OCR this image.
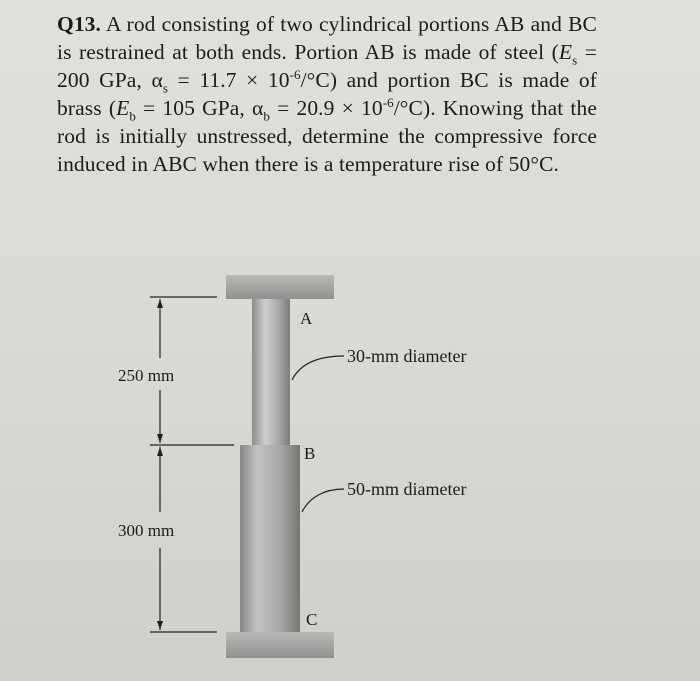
Q13. A rod consisting of two cylindrical portions AB and BC is restrained at both ends. Portion AB is made of steel ($E_s = 200$ GPa, $\alpha_s = 11.7 \times 10^{-6}/^\circ C$) and portion BC is made of brass ($E_b = 105$ GPa, $\alpha_b = 20.9 \times 10^{-6}/^\circ C$). Knowing that the rod is initially unstressed, determine the compressive force induced in ABC when there is a temperature rise of 50°C.
A
B
C
250 mm
300 mm
30-mm diameter
50-mm diameter
